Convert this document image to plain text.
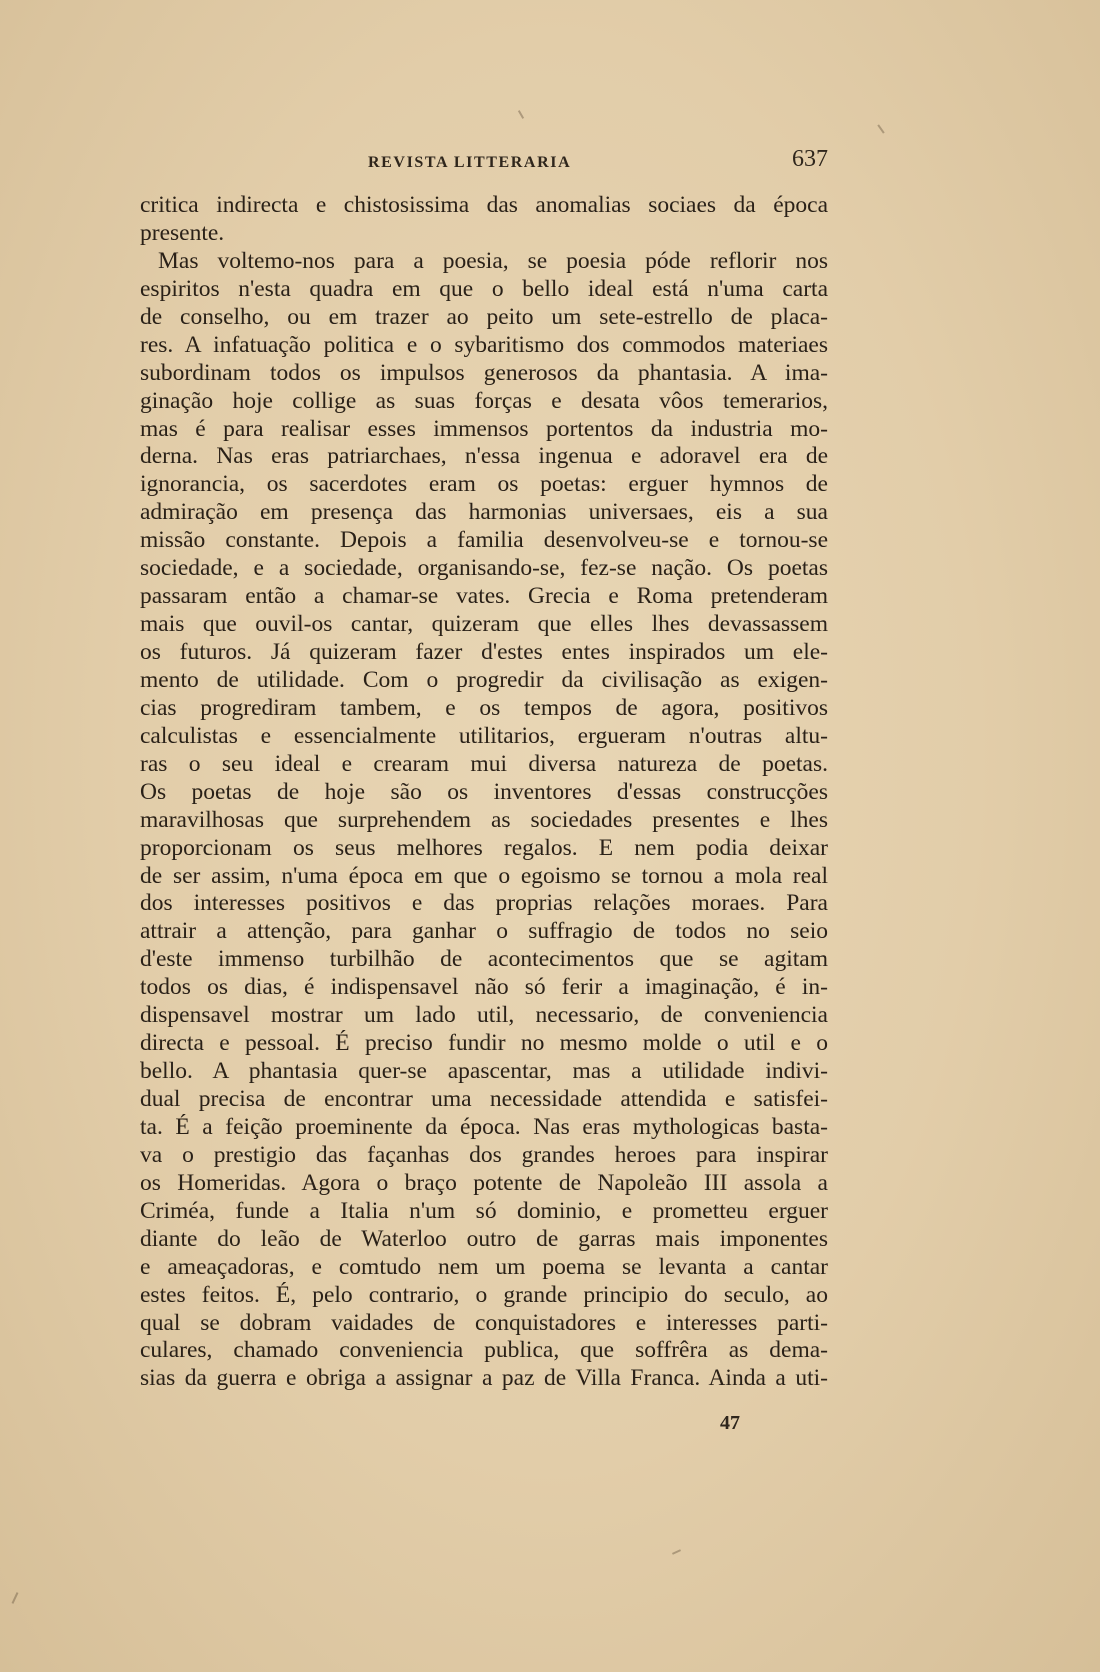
REVISTA LITTERARIA	637
critica indirecta e chistosissima das anomalias sociaes da época
presente.
Mas voltemo-nos para a poesia, se poesia póde reflorir nos
espiritos n'esta quadra em que o bello ideal está n'uma carta
de conselho, ou em trazer ao peito um sete-estrello de placa-
res. A infatuação politica e o sybaritismo dos commodos materiaes
subordinam todos os impulsos generosos da phantasia. A ima-
ginação hoje collige as suas forças e desata vôos temerarios,
mas é para realisar esses immensos portentos da industria mo-
derna. Nas eras patriarchaes, n'essa ingenua e adoravel era de
ignorancia, os sacerdotes eram os poetas: erguer hymnos de
admiração em presença das harmonias universaes, eis a sua
missão constante. Depois a familia desenvolveu-se e tornou-se
sociedade, e a sociedade, organisando-se, fez-se nação. Os poetas
passaram então a chamar-se vates. Grecia e Roma pretenderam
mais que ouvil-os cantar, quizeram que elles lhes devassassem
os futuros. Já quizeram fazer d'estes entes inspirados um ele-
mento de utilidade. Com o progredir da civilisação as exigen-
cias progrediram tambem, e os tempos de agora, positivos
calculistas e essencialmente utilitarios, ergueram n'outras altu-
ras o seu ideal e crearam mui diversa natureza de poetas.
Os poetas de hoje são os inventores d'essas construcções
maravilhosas que surprehendem as sociedades presentes e lhes
proporcionam os seus melhores regalos. E nem podia deixar
de ser assim, n'uma época em que o egoismo se tornou a mola real
dos interesses positivos e das proprias relações moraes. Para
attrair a attenção, para ganhar o suffragio de todos no seio
d'este immenso turbilhão de acontecimentos que se agitam
todos os dias, é indispensavel não só ferir a imaginação, é in-
dispensavel mostrar um lado util, necessario, de conveniencia
directa e pessoal. É preciso fundir no mesmo molde o util e o
bello. A phantasia quer-se apascentar, mas a utilidade indivi-
dual precisa de encontrar uma necessidade attendida e satisfei-
ta. É a feição proeminente da época. Nas eras mythologicas basta-
va o prestigio das façanhas dos grandes heroes para inspirar
os Homeridas. Agora o braço potente de Napoleão III assola a
Criméa, funde a Italia n'um só dominio, e prometteu erguer
diante do leão de Waterloo outro de garras mais imponentes
e ameaçadoras, e comtudo nem um poema se levanta a cantar
estes feitos. É, pelo contrario, o grande principio do seculo, ao
qual se dobram vaidades de conquistadores e interesses parti-
culares, chamado conveniencia publica, que soffrêra as dema-
sias da guerra e obriga a assignar a paz de Villa Franca. Ainda a uti-
47
